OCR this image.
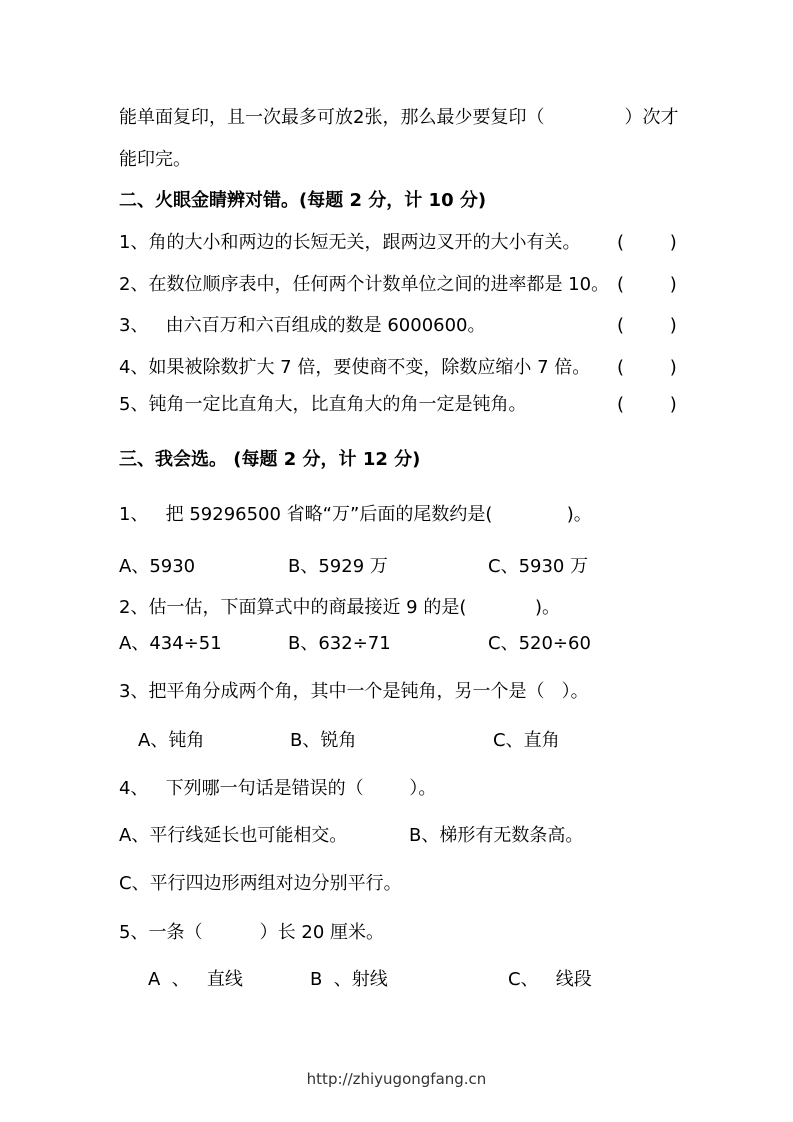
能单面复印，且一次最多可放2张，那么最少要复印（              ）次才
能印完。
二、火眼金睛辨对错。(每题 2 分，计 10 分)
1、角的大小和两边的长短无关，跟两边叉开的大小有关。 (        )
2、在数位顺序表中，任何两个计数单位之间的进率都是 10。 (        )
3、   由六百万和六百组成的数是 6000600。	(        )
4、如果被除数扩大 7 倍，要使商不变，除数应缩小 7 倍。 (        )
5、钝角一定比直角大，比直角大的角一定是钝角。	(        )
三、我会选。 (每题 2 分，计 12 分)
1、   把 59296500 省略“万”后面的尾数约是(             )。
A、5930	B、5929 万	C、5930 万
2、估一估，下面算式中的商最接近 9 的是(            )。
A、434÷51	B、632÷71	C、520÷60
3、把平角分成两个角，其中一个是钝角，另一个是（   ）。
A、钝角	B、锐角	C、直角
4、   下列哪一句话是错误的（        ）。
A、平行线延长也可能相交。	B、梯形有无数条高。
C、平行四边形两组对边分别平行。
5、一条（          ）长 20 厘米。
A  、   直线	B  、射线	C、   线段
http://zhiyugongfang.cn
